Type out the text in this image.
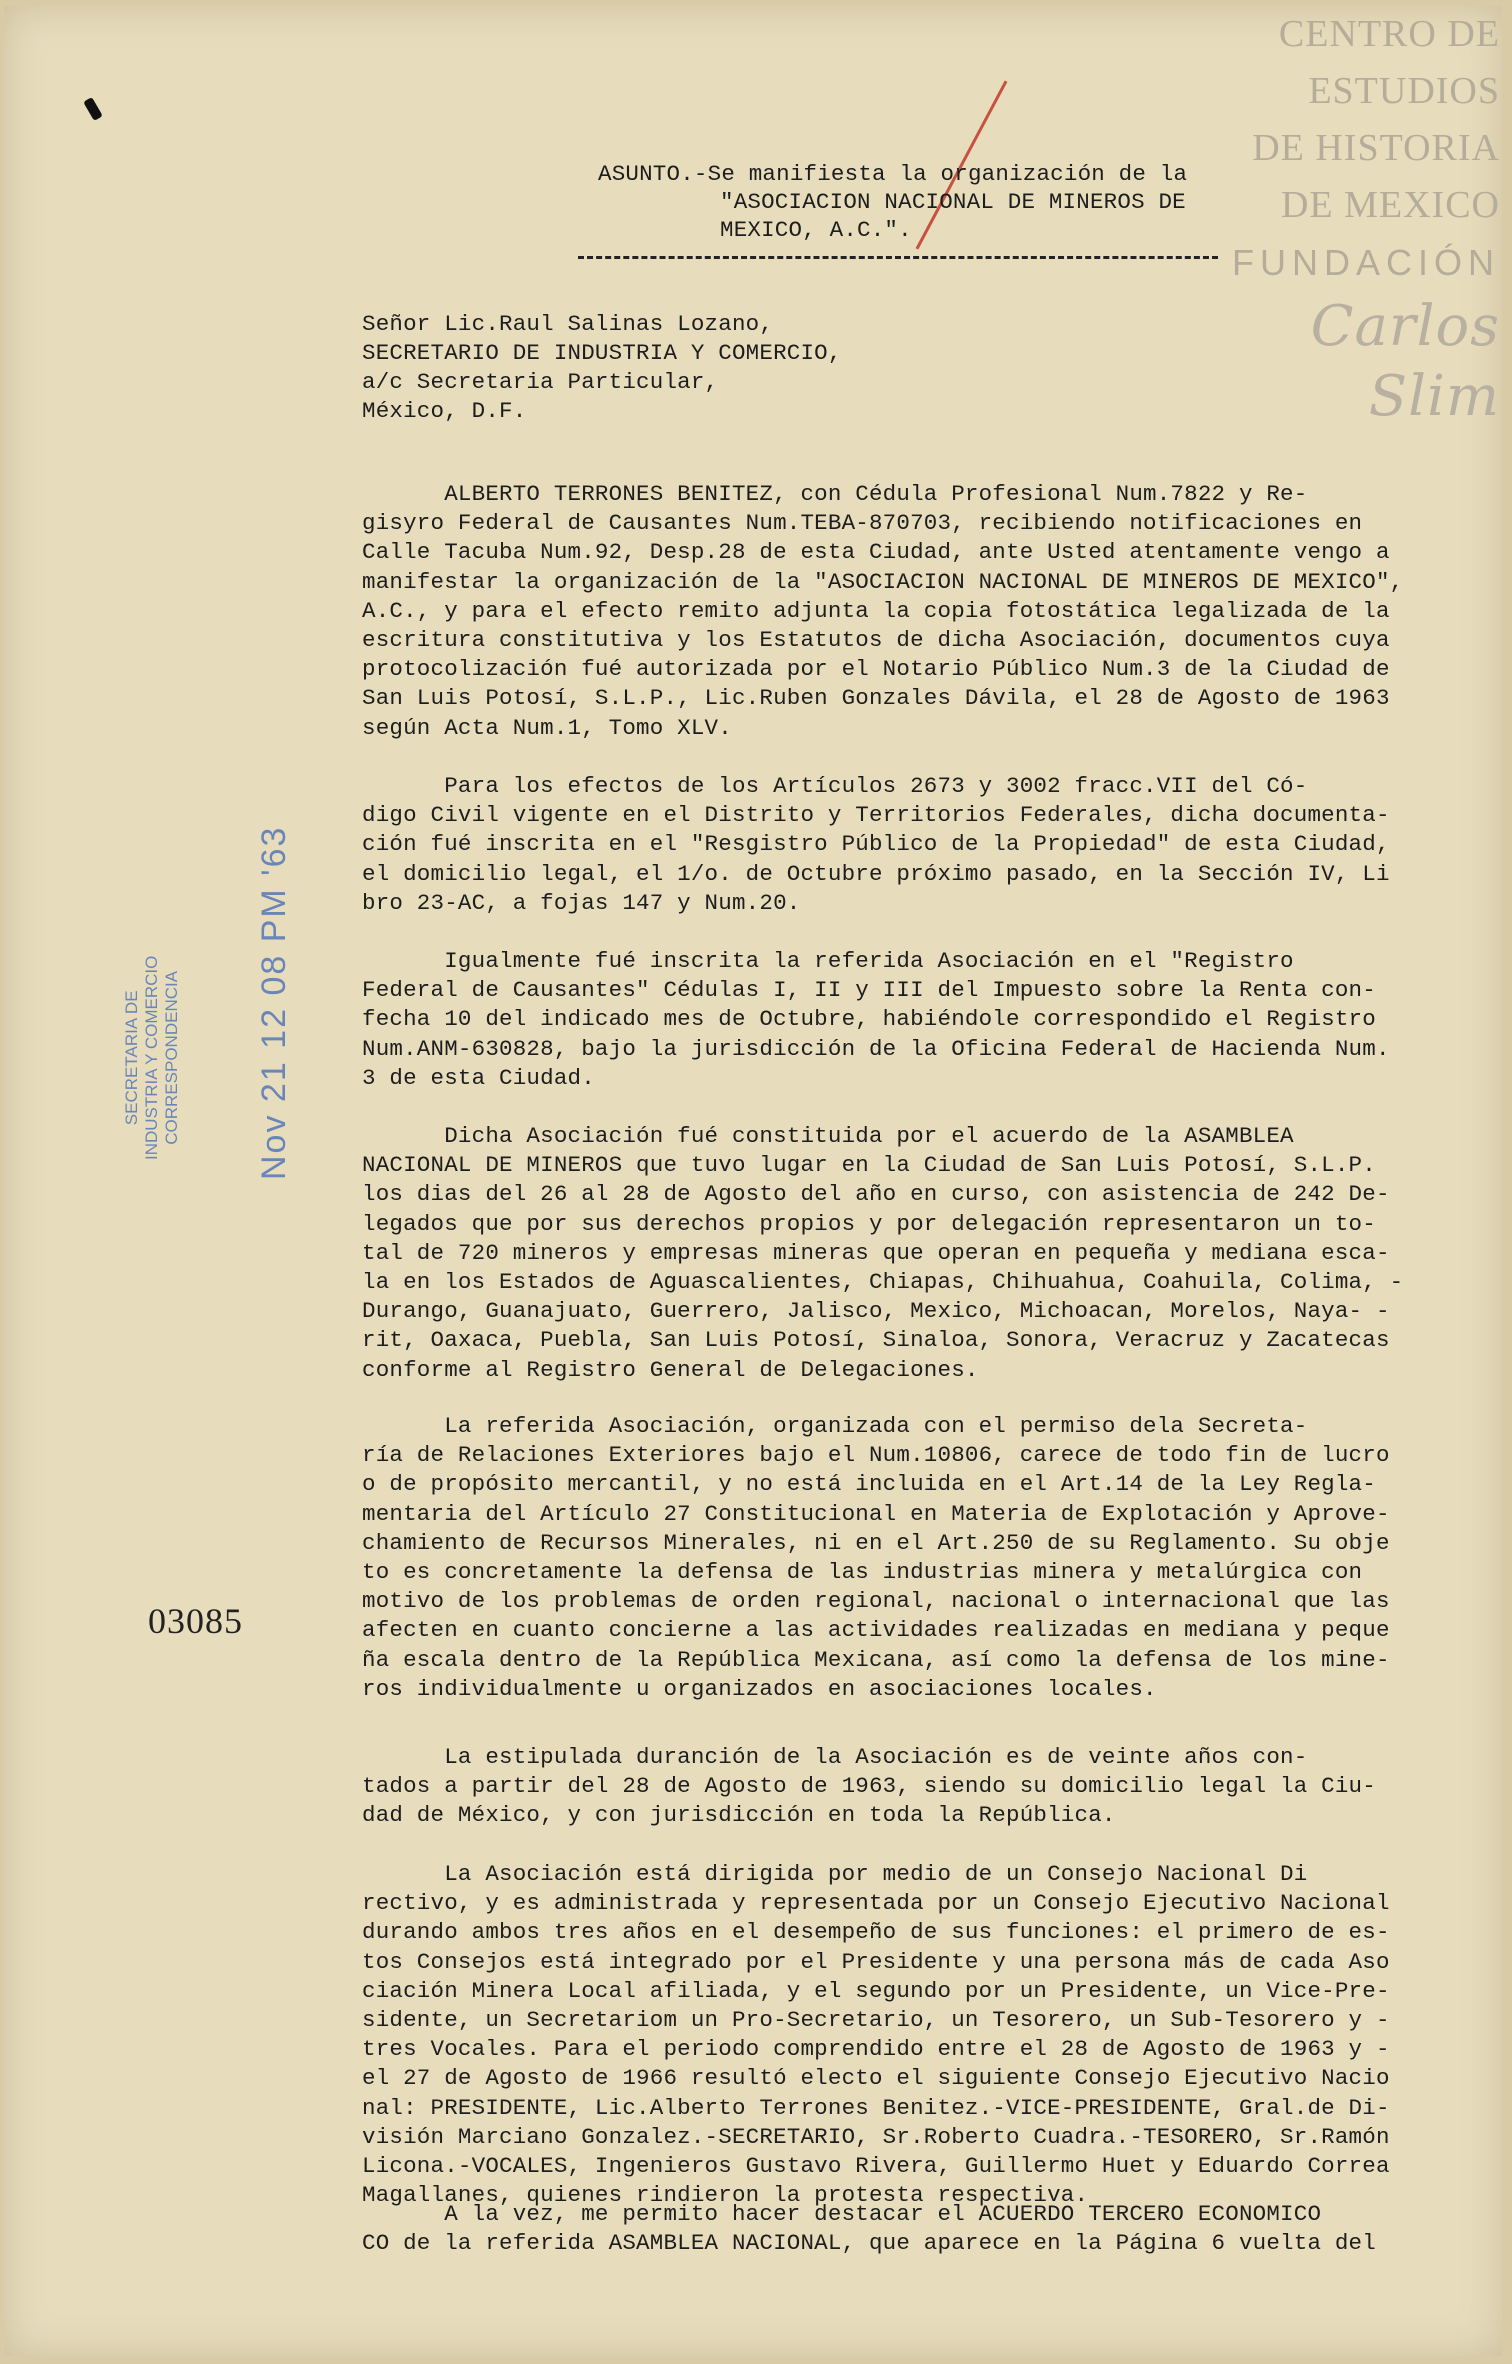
CENTRO DE
ESTUDIOS
DE HISTORIA
DE MEXICO
FUNDACIÓN
Carlos Slim
SECRETARIA DE
INDUSTRIA Y COMERCIO
CORRESPONDENCIA Nov 21 12 08 PM '63
03085
ASUNTO.-Se manifiesta la organización de la
"ASOCIACION NACIONAL DE MINEROS DE
MEXICO, A.C.".
Señor Lic.Raul Salinas Lozano,
SECRETARIO DE INDUSTRIA Y COMERCIO,
a/c Secretaria Particular,
México, D.F.
ALBERTO TERRONES BENITEZ, con Cédula Profesional Num.7822 y Re-
gisyro Federal de Causantes Num.TEBA-870703, recibiendo notificaciones en
Calle Tacuba Num.92, Desp.28 de esta Ciudad, ante Usted atentamente vengo a
manifestar la organización de la "ASOCIACION NACIONAL DE MINEROS DE MEXICO",
A.C., y para el efecto remito adjunta la copia fotostática legalizada de la
escritura constitutiva y los Estatutos de dicha Asociación, documentos cuya
protocolización fué autorizada por el Notario Público Num.3 de la Ciudad de
San Luis Potosí, S.L.P., Lic.Ruben Gonzales Dávila, el 28 de Agosto de 1963
según Acta Num.1, Tomo XLV.
Para los efectos de los Artículos 2673 y 3002 fracc.VII del Có-
digo Civil vigente en el Distrito y Territorios Federales, dicha documenta-
ción fué inscrita en el "Resgistro Público de la Propiedad" de esta Ciudad,
el domicilio legal, el 1/o. de Octubre próximo pasado, en la Sección IV, Li
bro 23-AC, a fojas 147 y Num.20.
Igualmente fué inscrita la referida Asociación en el "Registro
Federal de Causantes" Cédulas I, II y III del Impuesto sobre la Renta con-
fecha 10 del indicado mes de Octubre, habiéndole correspondido el Registro
Num.ANM-630828, bajo la jurisdicción de la Oficina Federal de Hacienda Num.
3 de esta Ciudad.
Dicha Asociación fué constituida por el acuerdo de la ASAMBLEA
NACIONAL DE MINEROS que tuvo lugar en la Ciudad de San Luis Potosí, S.L.P.
los dias del 26 al 28 de Agosto del año en curso, con asistencia de 242 De-
legados que por sus derechos propios y por delegación representaron un to-
tal de 720 mineros y empresas mineras que operan en pequeña y mediana esca-
la en los Estados de Aguascalientes, Chiapas, Chihuahua, Coahuila, Colima, -
Durango, Guanajuato, Guerrero, Jalisco, Mexico, Michoacan, Morelos, Naya- -
rit, Oaxaca, Puebla, San Luis Potosí, Sinaloa, Sonora, Veracruz y Zacatecas
conforme al Registro General de Delegaciones.
La referida Asociación, organizada con el permiso dela Secreta-
ría de Relaciones Exteriores bajo el Num.10806, carece de todo fin de lucro
o de propósito mercantil, y no está incluida en el Art.14 de la Ley Regla-
mentaria del Artículo 27 Constitucional en Materia de Explotación y Aprove-
chamiento de Recursos Minerales, ni en el Art.250 de su Reglamento. Su obje
to es concretamente la defensa de las industrias minera y metalúrgica con
motivo de los problemas de orden regional, nacional o internacional que las
afecten en cuanto concierne a las actividades realizadas en mediana y peque
ña escala dentro de la República Mexicana, así como la defensa de los mine-
ros individualmente u organizados en asociaciones locales.
La estipulada duranción de la Asociación es de veinte años con-
tados a partir del 28 de Agosto de 1963, siendo su domicilio legal la Ciu-
dad de México, y con jurisdicción en toda la República.
La Asociación está dirigida por medio de un Consejo Nacional Di
rectivo, y es administrada y representada por un Consejo Ejecutivo Nacional
durando ambos tres años en el desempeño de sus funciones: el primero de es-
tos Consejos está integrado por el Presidente y una persona más de cada Aso
ciación Minera Local afiliada, y el segundo por un Presidente, un Vice-Pre-
sidente, un Secretariom un Pro-Secretario, un Tesorero, un Sub-Tesorero y -
tres Vocales. Para el periodo comprendido entre el 28 de Agosto de 1963 y -
el 27 de Agosto de 1966 resultó electo el siguiente Consejo Ejecutivo Nacio
nal: PRESIDENTE, Lic.Alberto Terrones Benitez.-VICE-PRESIDENTE, Gral.de Di-
visión Marciano Gonzalez.-SECRETARIO, Sr.Roberto Cuadra.-TESORERO, Sr.Ramón
Licona.-VOCALES, Ingenieros Gustavo Rivera, Guillermo Huet y Eduardo Correa
Magallanes, quienes rindieron la protesta respectiva.
A la vez, me permito hacer destacar el ACUERDO TERCERO ECONOMICO
CO de la referida ASAMBLEA NACIONAL, que aparece en la Página 6 vuelta del
